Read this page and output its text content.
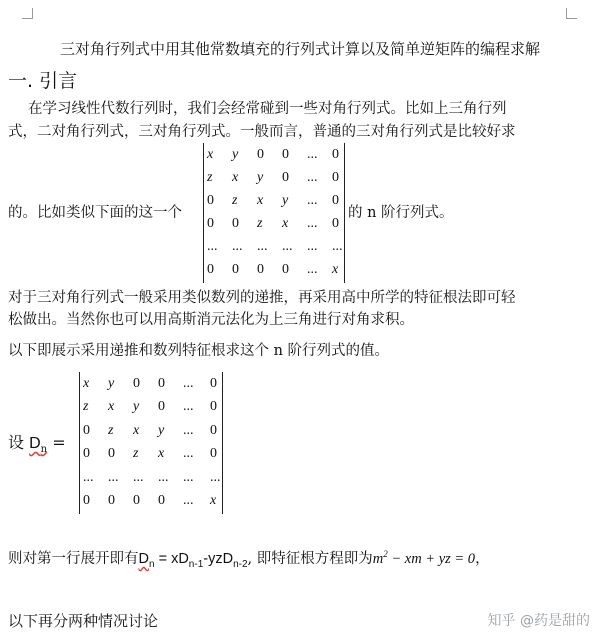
三对角行列式中用其他常数填充的行列式计算以及简单逆矩阵的编程求解
一. 引言
在学习线性代数行列时，我们会经常碰到一些对角行列式。比如上三角行列
式，二对角行列式，三对角行列式。一般而言，普通的三对角行列式是比较好求
的。比如类似下面的这一个	的 n 阶行列式。
x	y	0	0	...	0
z	x	y	0	...	0
0	z	x	y	...	0
0	0	z	x	...	0
...	...	...	...	...	...
0	0	0	0	...	x
对于三对角行列式一般采用类似数列的递推，再采用高中所学的特征根法即可轻
松做出。当然你也可以用高斯消元法化为上三角进行对角求积。
以下即展示采用递推和数列特征根求这个 n 阶行列式的值。
设 $D_n$ =
x	y	0	0	...	0
z	x	y	0	...	0
0	z	x	y	...	0
0	0	z	x	...	0
...	...	...	...	...	...
0	0	0	0	...	x
则对第一行展开即有$D_n = xD_{n-1}-yzD_{n-2}$, 即特征根方程即为$m^2$ − xm + yz = 0，
以下再分两种情况讨论	知乎 @药是甜的
